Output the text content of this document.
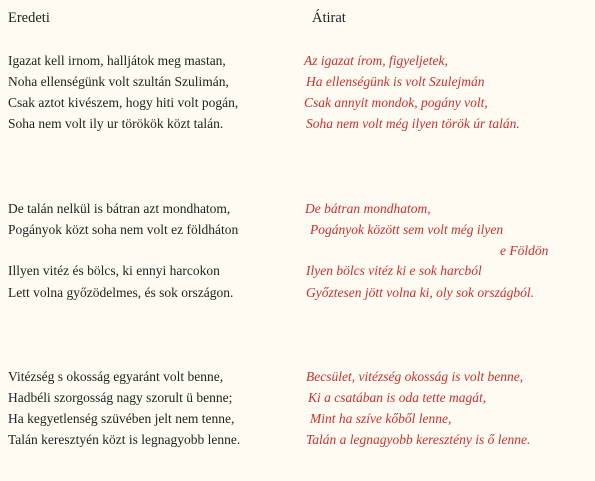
Eredeti	Átirat
Igazat kell irnom, halljátok meg mastan,
Noha ellenségünk volt szultán Szulimán,
Csak aztot kivészem, hogy hiti volt pogán,
Soha nem volt ily ur törökök közt talán.
Az igazat írom, figyeljetek,
Ha ellenségünk is volt Szulejmán
Csak annyit mondok, pogány volt,
Soha nem volt még ilyen török úr talán.
De talán nelkül is bátran azt mondhatom,
Pogányok közt soha nem volt ez földháton
Illyen vitéz és bölcs, ki ennyi harcokon
Lett volna győzödelmes, és sok országon.
De bátran mondhatom,
Pogányok között sem volt még ilyen
e Földön
Ilyen bölcs vitéz ki e sok harcból
Győztesen jött volna ki, oly sok országból.
Vitézség s okosság egyaránt volt benne,
Hadbéli szorgosság nagy szorult ü benne;
Ha kegyetlenség szüvében jelt nem tenne,
Talán keresztyén közt is legnagyobb lenne.
Becsület, vitézség okosság is volt benne,
Ki a csatában is oda tette magát,
Mint ha szíve kőből lenne,
Talán a legnagyobb keresztény is ő lenne.
